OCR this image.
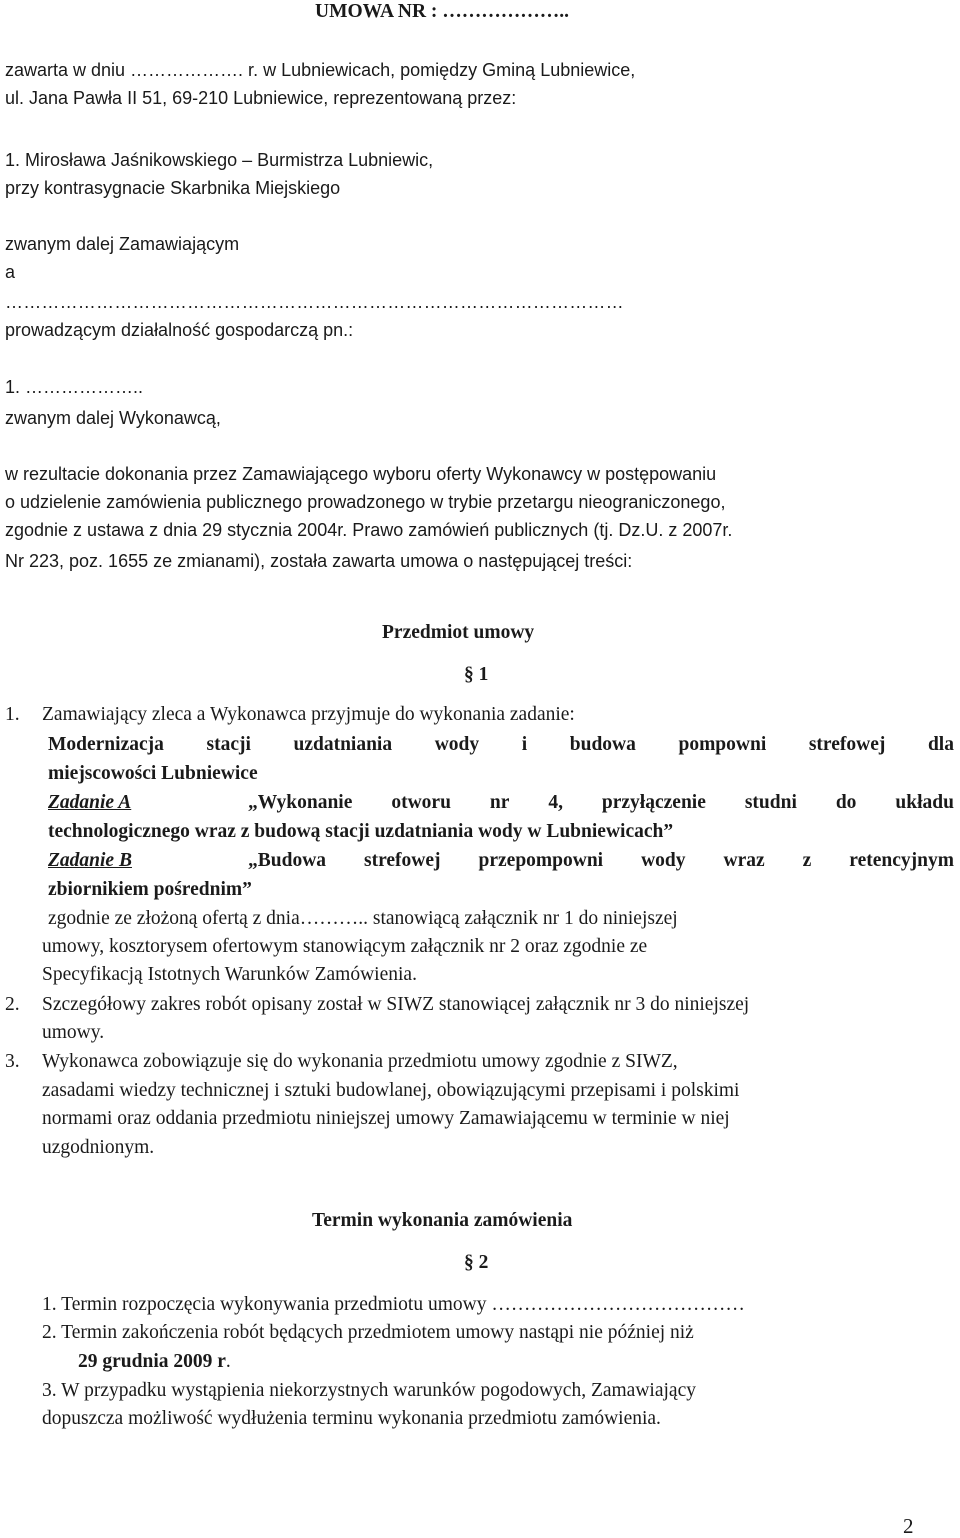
UMOWA NR : ………………..
zawarta w dniu ………………. r. w Lubniewicach, pomiędzy Gminą Lubniewice,
ul. Jana Pawła II 51, 69-210 Lubniewice, reprezentowaną przez:
1. Mirosława Jaśnikowskiego – Burmistrza Lubniewic,
przy kontrasygnacie Skarbnika Miejskiego
zwanym dalej Zamawiającym
a
…………………………………………………………………………………………
prowadzącym działalność gospodarczą pn.:
1. ………………..
zwanym dalej Wykonawcą,
w rezultacie dokonania przez Zamawiającego wyboru oferty Wykonawcy w postępowaniu
o udzielenie zamówienia publicznego prowadzonego w trybie przetargu nieograniczonego,
zgodnie z ustawa z dnia 29 stycznia 2004r. Prawo zamówień publicznych (tj. Dz.U. z 2007r.
Nr 223, poz. 1655 ze zmianami), została zawarta umowa o następującej treści:
Przedmiot umowy
§ 1
1. Zamawiający zleca a Wykonawca przyjmuje do wykonania zadanie:
Modernizacja stacji uzdatniania wody i budowa pompowni strefowej dla
miejscowości Lubniewice
Zadanie A	„Wykonanie otworu nr 4, przyłączenie studni do układu
technologicznego wraz z budową stacji uzdatniania wody w Lubniewicach”
Zadanie B	„Budowa strefowej przepompowni wody wraz z retencyjnym
zbiornikiem pośrednim”
zgodnie ze złożoną ofertą z dnia……….. stanowiącą załącznik nr 1 do niniejszej
umowy, kosztorysem ofertowym stanowiącym załącznik nr 2 oraz zgodnie ze
Specyfikacją Istotnych Warunków Zamówienia.
2. Szczegółowy zakres robót opisany został w SIWZ stanowiącej załącznik nr 3 do niniejszej
umowy.
3. Wykonawca zobowiązuje się do wykonania przedmiotu umowy zgodnie z SIWZ,
zasadami wiedzy technicznej i sztuki budowlanej, obowiązującymi przepisami i polskimi
normami oraz oddania przedmiotu niniejszej umowy Zamawiającemu w terminie w niej
uzgodnionym.
Termin wykonania zamówienia
§ 2
1. Termin rozpoczęcia wykonywania przedmiotu umowy …………………………………
2. Termin zakończenia robót będących przedmiotem umowy nastąpi nie później niż
29 grudnia 2009 r.
3. W przypadku wystąpienia niekorzystnych warunków pogodowych, Zamawiający
dopuszcza możliwość wydłużenia terminu wykonania przedmiotu zamówienia.
2
